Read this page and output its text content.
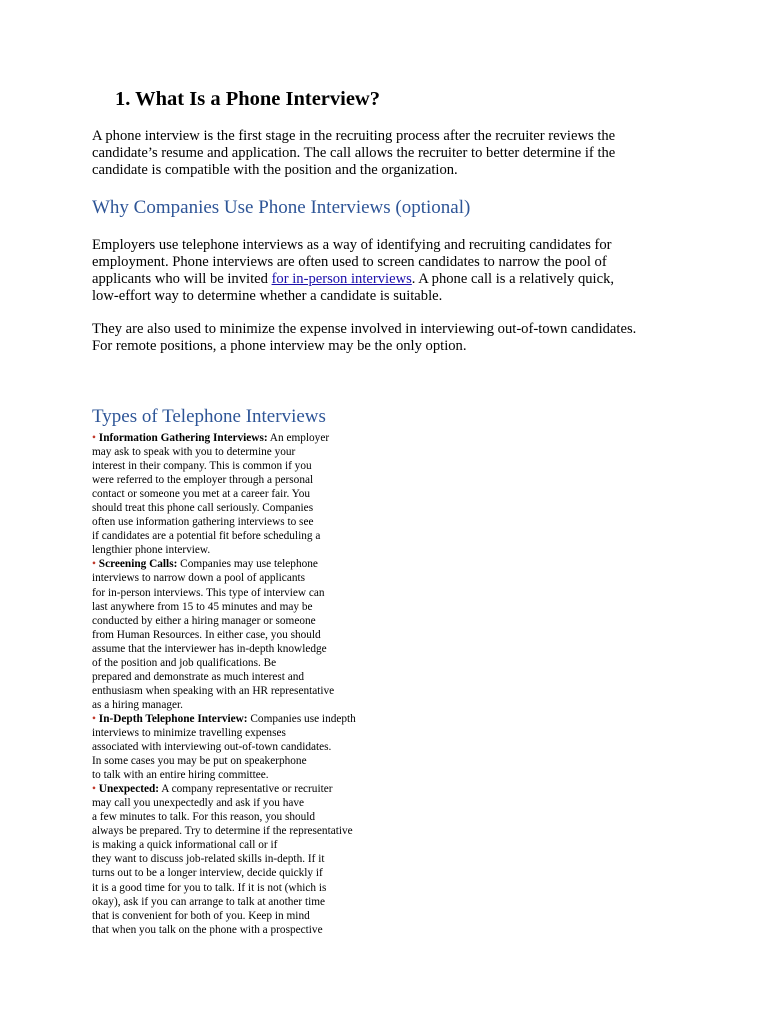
1. What Is a Phone Interview?

A phone interview is the first stage in the recruiting process after the recruiter reviews the
candidate’s resume and application. The call allows the recruiter to better determine if the
candidate is compatible with the position and the organization.

Why Companies Use Phone Interviews (optional)

Employers use telephone interviews as a way of identifying and recruiting candidates for
employment. Phone interviews are often used to screen candidates to narrow the pool of
applicants who will be invited for in-person interviews. A phone call is a relatively quick,
low-effort way to determine whether a candidate is suitable.

They are also used to minimize the expense involved in interviewing out-of-town candidates.
For remote positions, a phone interview may be the only option.

Types of Telephone Interviews
• Information Gathering Interviews: An employer
may ask to speak with you to determine your
interest in their company. This is common if you
were referred to the employer through a personal
contact or someone you met at a career fair. You
should treat this phone call seriously. Companies
often use information gathering interviews to see
if candidates are a potential fit before scheduling a
lengthier phone interview.
• Screening Calls: Companies may use telephone
interviews to narrow down a pool of applicants
for in-person interviews. This type of interview can
last anywhere from 15 to 45 minutes and may be
conducted by either a hiring manager or someone
from Human Resources. In either case, you should
assume that the interviewer has in-depth knowledge
of the position and job qualifications. Be
prepared and demonstrate as much interest and
enthusiasm when speaking with an HR representative
as a hiring manager.
• In-Depth Telephone Interview: Companies use indepth
interviews to minimize travelling expenses
associated with interviewing out-of-town candidates.
In some cases you may be put on speakerphone
to talk with an entire hiring committee.
• Unexpected: A company representative or recruiter
may call you unexpectedly and ask if you have
a few minutes to talk. For this reason, you should
always be prepared. Try to determine if the representative
is making a quick informational call or if
they want to discuss job-related skills in-depth. If it
turns out to be a longer interview, decide quickly if
it is a good time for you to talk. If it is not (which is
okay), ask if you can arrange to talk at another time
that is convenient for both of you. Keep in mind
that when you talk on the phone with a prospective
